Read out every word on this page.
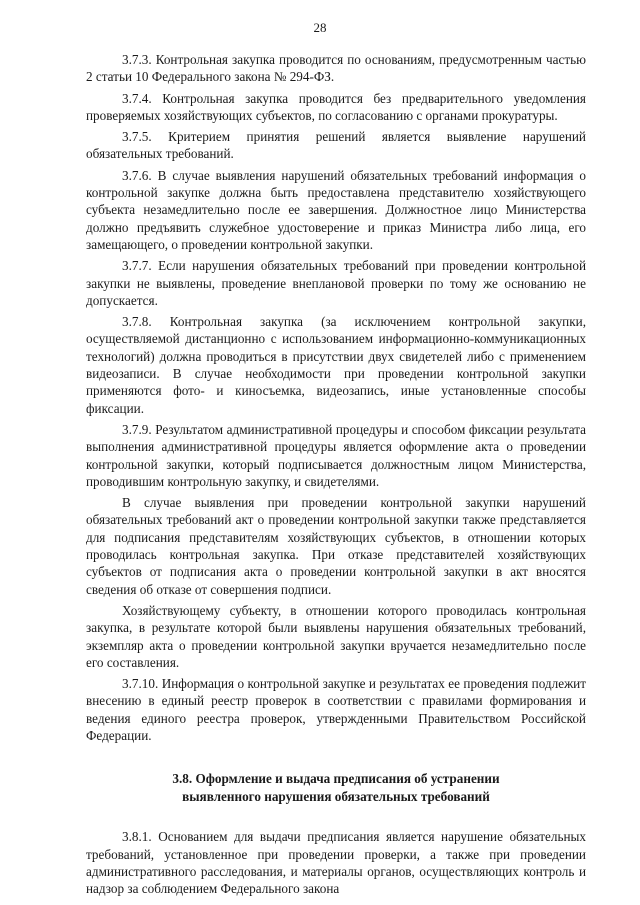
28

3.7.3. Контрольная закупка проводится по основаниям, предусмотренным частью 2 статьи 10 Федерального закона № 294-ФЗ.

3.7.4. Контрольная закупка проводится без предварительного уведомления проверяемых хозяйствующих субъектов, по согласованию с органами прокуратуры.

3.7.5. Критерием принятия решений является выявление нарушений обязательных требований.

3.7.6. В случае выявления нарушений обязательных требований информация о контрольной закупке должна быть предоставлена представителю хозяйствующего субъекта незамедлительно после ее завершения. Должностное лицо Министерства должно предъявить служебное удостоверение и приказ Министра либо лица, его замещающего, о проведении контрольной закупки.

3.7.7. Если нарушения обязательных требований при проведении контрольной закупки не выявлены, проведение внеплановой проверки по тому же основанию не допускается.

3.7.8. Контрольная закупка (за исключением контрольной закупки, осуществляемой дистанционно с использованием информационно-коммуникационных технологий) должна проводиться в присутствии двух свидетелей либо с применением видеозаписи. В случае необходимости при проведении контрольной закупки применяются фото- и киносъемка, видеозапись, иные установленные способы фиксации.

3.7.9. Результатом административной процедуры и способом фиксации результата выполнения административной процедуры является оформление акта о проведении контрольной закупки, который подписывается должностным лицом Министерства, проводившим контрольную закупку, и свидетелями.

В случае выявления при проведении контрольной закупки нарушений обязательных требований акт о проведении контрольной закупки также представляется для подписания представителям хозяйствующих субъектов, в отношении которых проводилась контрольная закупка. При отказе представителей хозяйствующих субъектов от подписания акта о проведении контрольной закупки в акт вносятся сведения об отказе от совершения подписи.

Хозяйствующему субъекту, в отношении которого проводилась контрольная закупка, в результате которой были выявлены нарушения обязательных требований, экземпляр акта о проведении контрольной закупки вручается незамедлительно после его составления.

3.7.10. Информация о контрольной закупке и результатах ее проведения подлежит внесению в единый реестр проверок в соответствии с правилами формирования и ведения единого реестра проверок, утвержденными Правительством Российской Федерации.

3.8. Оформление и выдача предписания об устранении
выявленного нарушения обязательных требований

3.8.1. Основанием для выдачи предписания является нарушение обязательных требований, установленное при проведении проверки, а также при проведении административного расследования, и материалы органов, осуществляющих контроль и надзор за соблюдением Федерального закона
